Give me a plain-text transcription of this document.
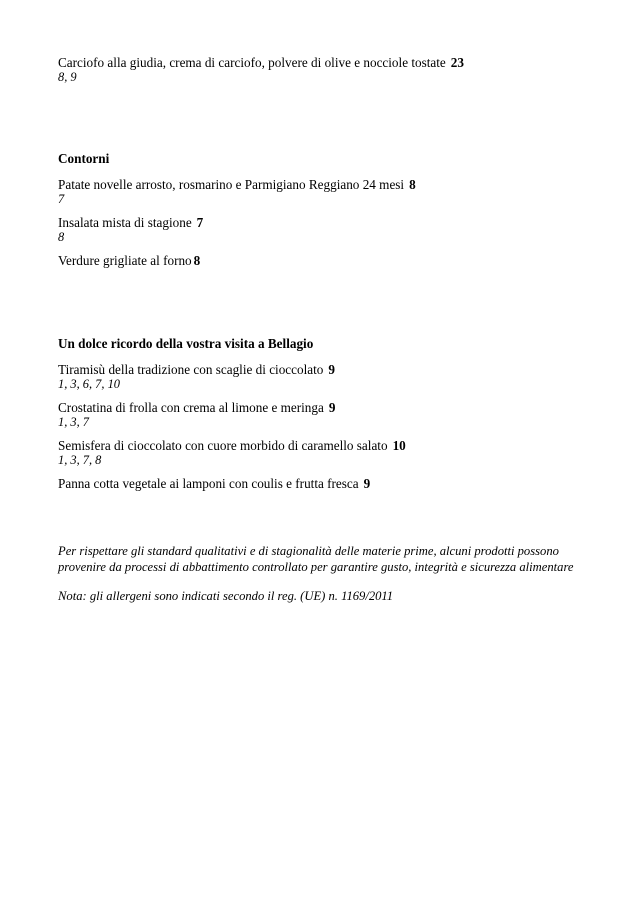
Carciofo alla giudia, crema di carciofo, polvere di olive e nocciole tostate 23
8, 9
Contorni
Patate novelle arrosto, rosmarino e Parmigiano Reggiano 24 mesi 8
7
Insalata mista di stagione 7
8
Verdure grigliate al forno 8
Un dolce ricordo della vostra visita a Bellagio
Tiramisù della tradizione con scaglie di cioccolato 9
1, 3, 6, 7, 10
Crostatina di frolla con crema al limone e meringa 9
1, 3, 7
Semisfera di cioccolato con cuore morbido di caramello salato 10
1, 3, 7, 8
Panna cotta vegetale ai lamponi con coulis e frutta fresca 9

Per rispettare gli standard qualitativi e di stagionalità delle materie prime, alcuni prodotti possono provenire da processi di abbattimento controllato per garantire gusto, integrità e sicurezza alimentare

Nota: gli allergeni sono indicati secondo il reg. (UE) n. 1169/2011
